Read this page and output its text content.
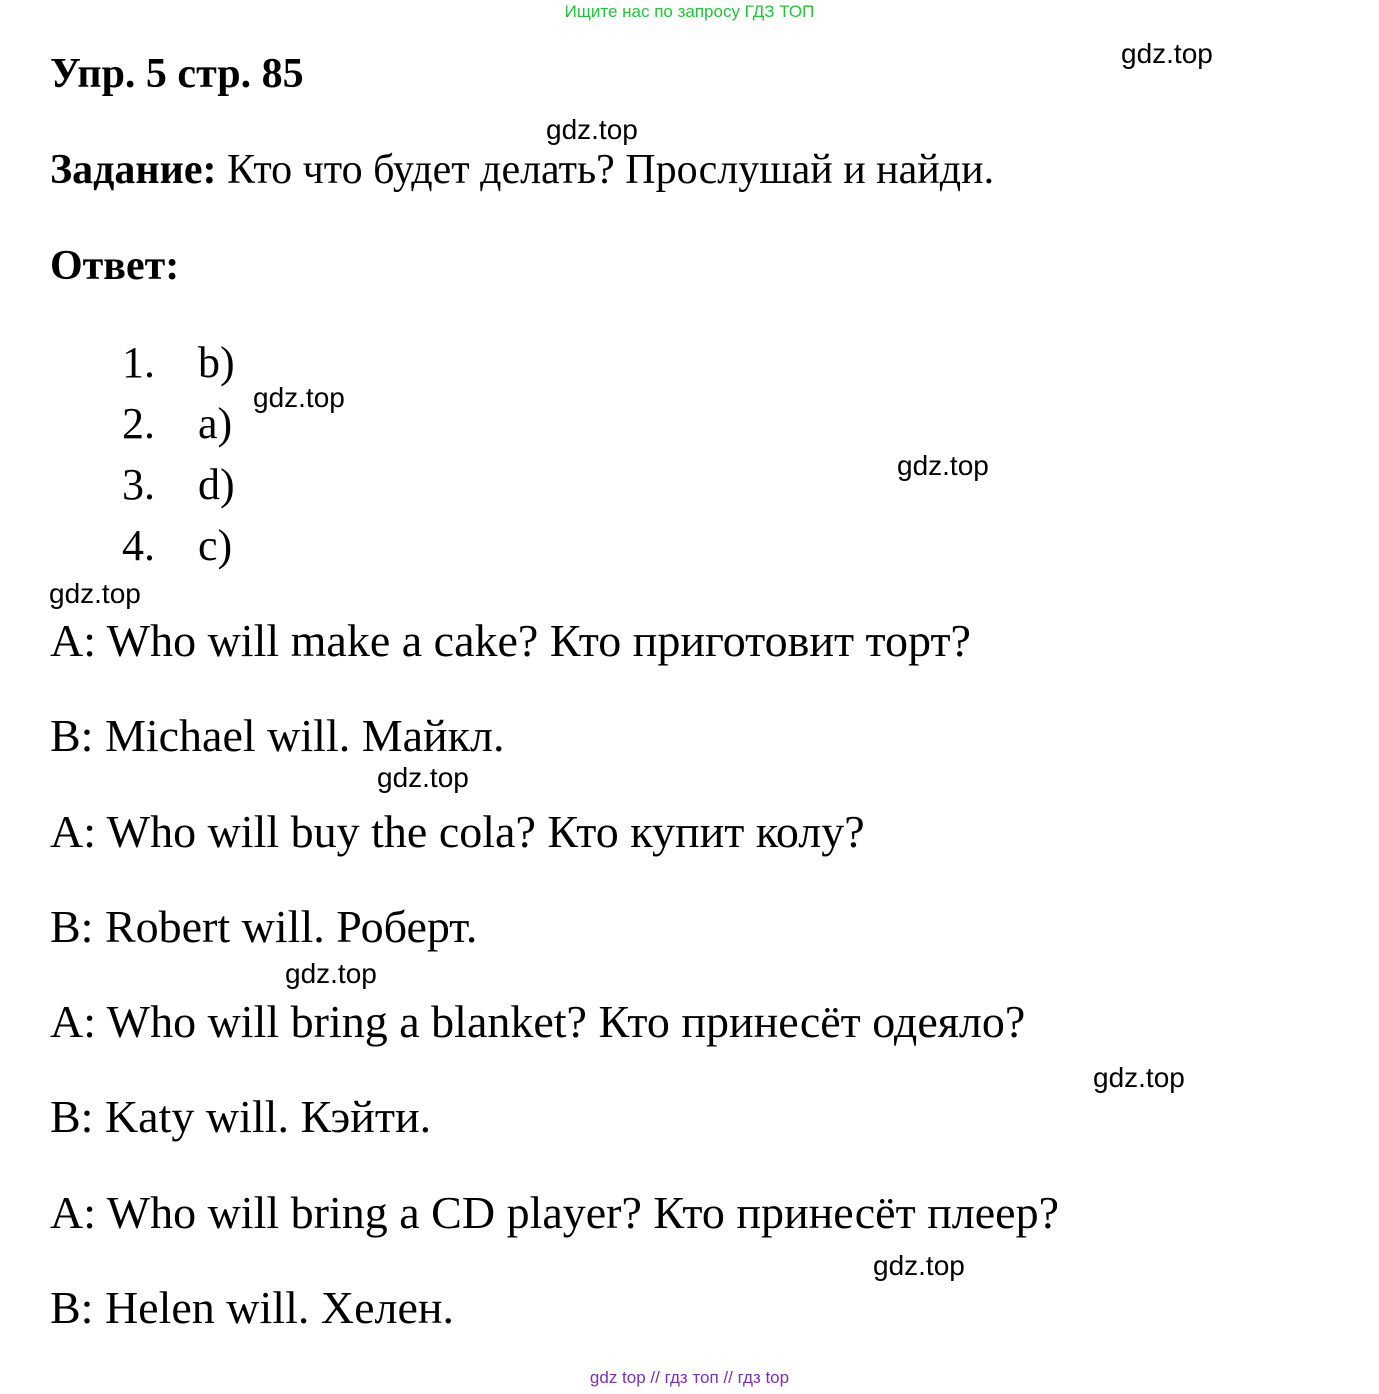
Ищите нас по запросу ГДЗ ТОП
Упр. 5 стр. 85
Задание: Кто что будет делать? Прослушай и найди.
Ответ:
1. b)
2. a)
3. d)
4. c)
A: Who will make a cake? Кто приготовит торт?
B: Michael will. Майкл.
A: Who will buy the cola? Кто купит колу?
B: Robert will. Роберт.
A: Who will bring a blanket? Кто принесёт одеяло?
B: Katy will. Кэйти.
A: Who will bring a CD player? Кто принесёт плеер?
B: Helen will. Хелен.
gdz.top
gdz.top
gdz.top
gdz.top
gdz.top
gdz.top
gdz.top
gdz.top
gdz.top
gdz top // гдз топ // гдз top
